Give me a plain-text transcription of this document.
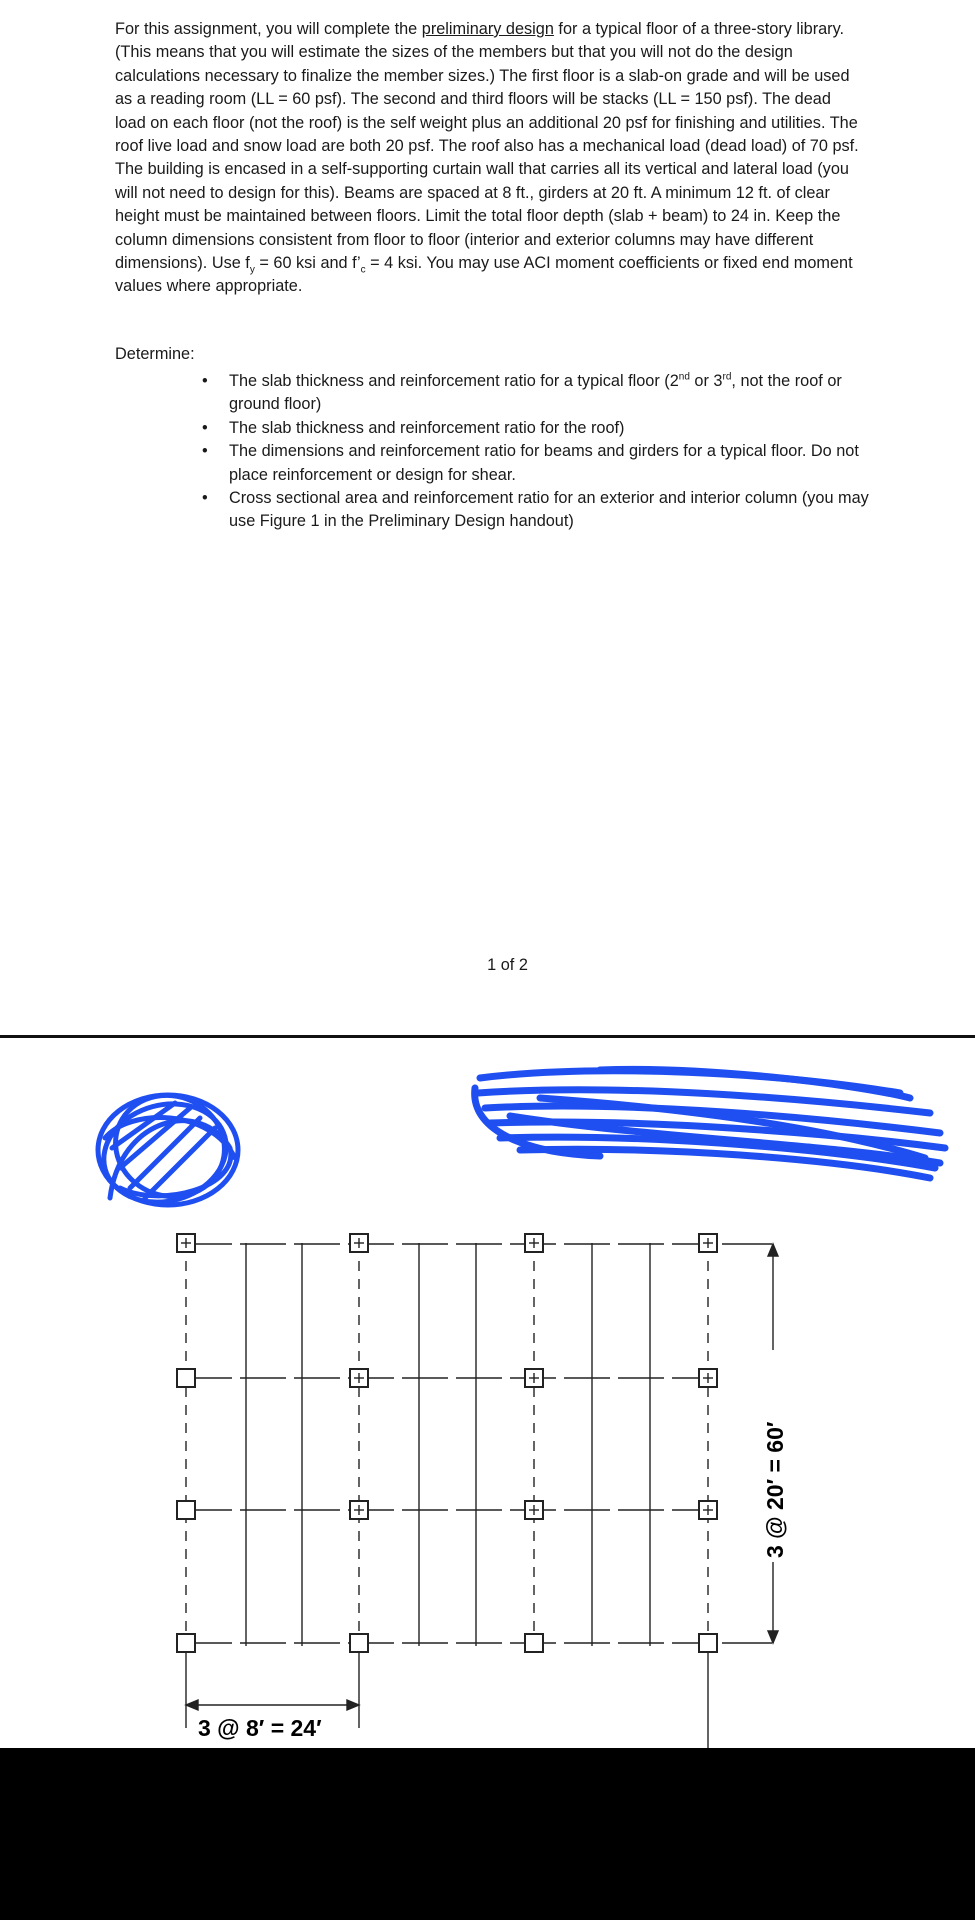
For this assignment, you will complete the preliminary design for a typical floor of a three-story library. (This means that you will estimate the sizes of the members but that you will not do the design calculations necessary to finalize the member sizes.) The first floor is a slab-on grade and will be used as a reading room (LL = 60 psf). The second and third floors will be stacks (LL = 150 psf). The dead load on each floor (not the roof) is the self weight plus an additional 20 psf for finishing and utilities. The roof live load and snow load are both 20 psf. The roof also has a mechanical load (dead load) of 70 psf. The building is encased in a self-supporting curtain wall that carries all its vertical and lateral load (you will not need to design for this). Beams are spaced at 8 ft., girders at 20 ft. A minimum 12 ft. of clear height must be maintained between floors. Limit the total floor depth (slab + beam) to 24 in. Keep the column dimensions consistent from floor to floor (interior and exterior columns may have different dimensions). Use $f_y = 60$ ksi and $f’_c = 4$ ksi. You may use ACI moment coefficients or fixed end moment values where appropriate.

Determine:

• The slab thickness and reinforcement ratio for a typical floor (2nd or 3rd, not the roof or ground floor)
• The slab thickness and reinforcement ratio for the roof)
• The dimensions and reinforcement ratio for beams and girders for a typical floor. Do not place reinforcement or design for shear.
• Cross sectional area and reinforcement ratio for an exterior and interior column (you may use Figure 1 in the Preliminary Design handout)
1 of 2
3 @ 8′ = 24′
3 @ 20′ = 60′
